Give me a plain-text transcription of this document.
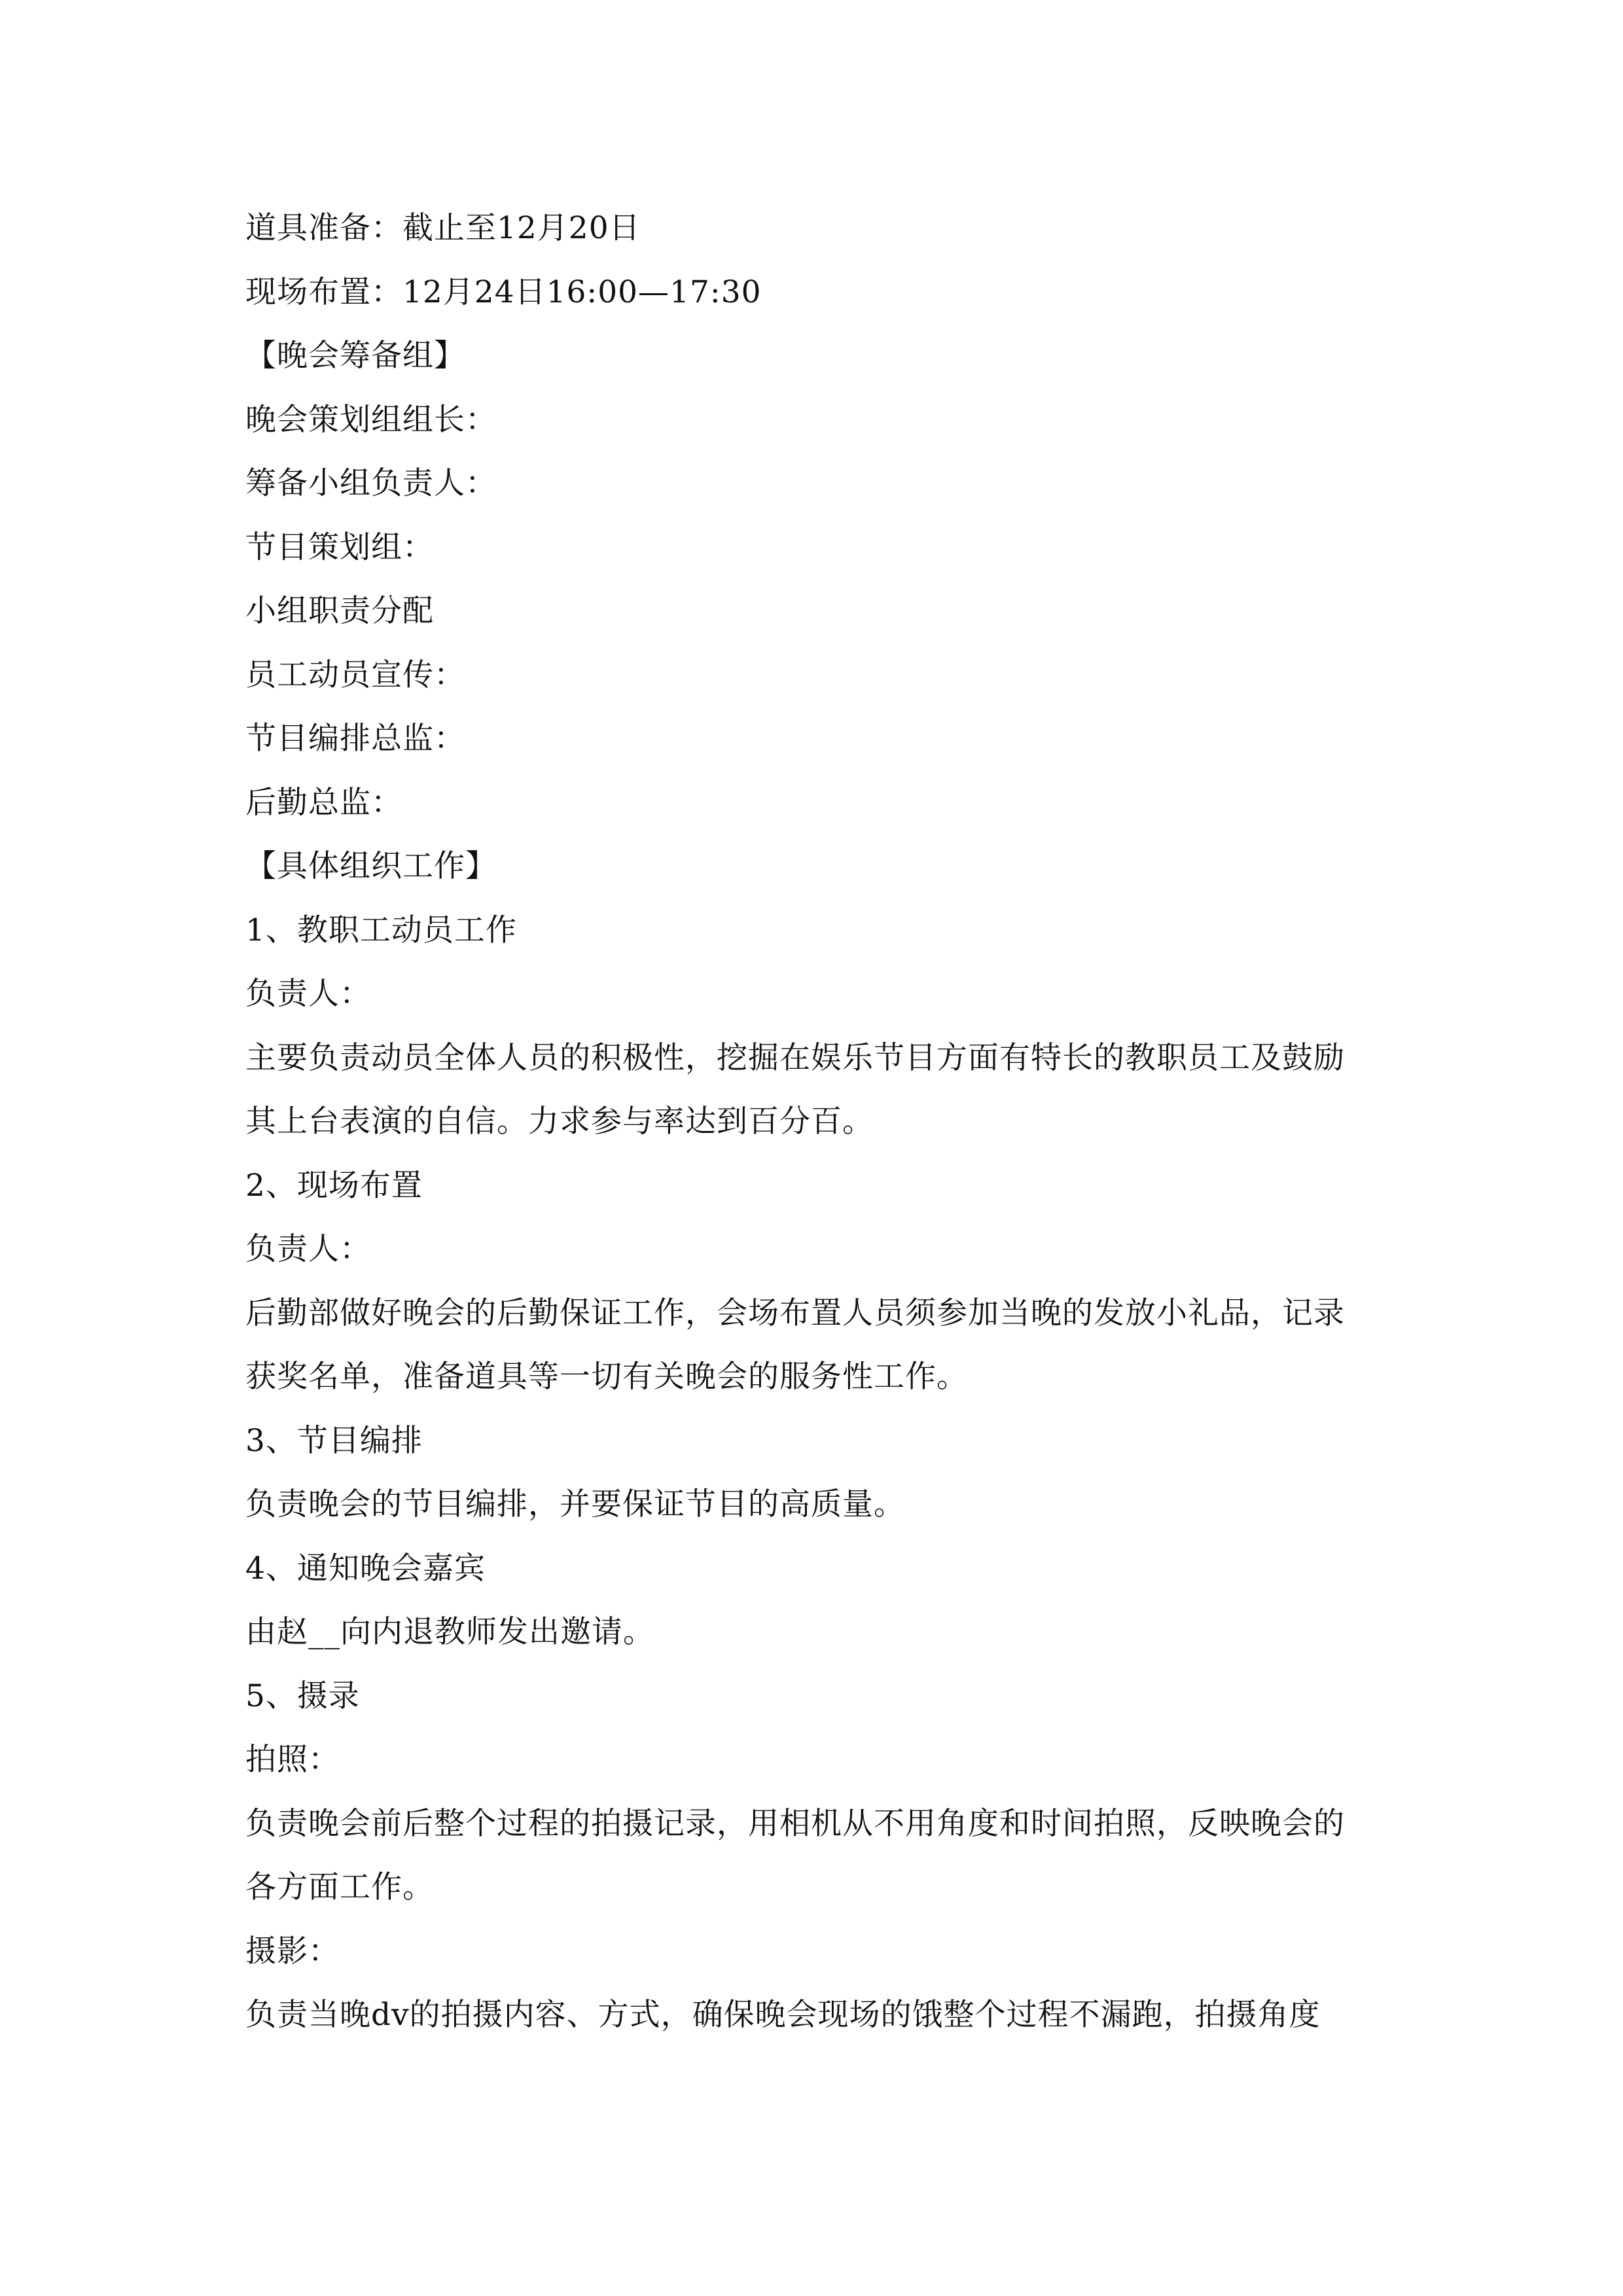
道具准备：截止至12月20日
现场布置：12月24日16:00—17:30
【晚会筹备组】
晚会策划组组长：
筹备小组负责人：
节目策划组：
小组职责分配
员工动员宣传：
节目编排总监：
后勤总监：
【具体组织工作】
1、教职工动员工作
负责人：
主要负责动员全体人员的积极性，挖掘在娱乐节目方面有特长的教职员工及鼓励
其上台表演的自信。力求参与率达到百分百。
2、现场布置
负责人：
后勤部做好晚会的后勤保证工作，会场布置人员须参加当晚的发放小礼品，记录
获奖名单，准备道具等一切有关晚会的服务性工作。
3、节目编排
负责晚会的节目编排，并要保证节目的高质量。
4、通知晚会嘉宾
由赵__向内退教师发出邀请。
5、摄录
拍照：
负责晚会前后整个过程的拍摄记录，用相机从不用角度和时间拍照，反映晚会的
各方面工作。
摄影：
负责当晚dv的拍摄内容、方式，确保晚会现场的饿整个过程不漏跑，拍摄角度
